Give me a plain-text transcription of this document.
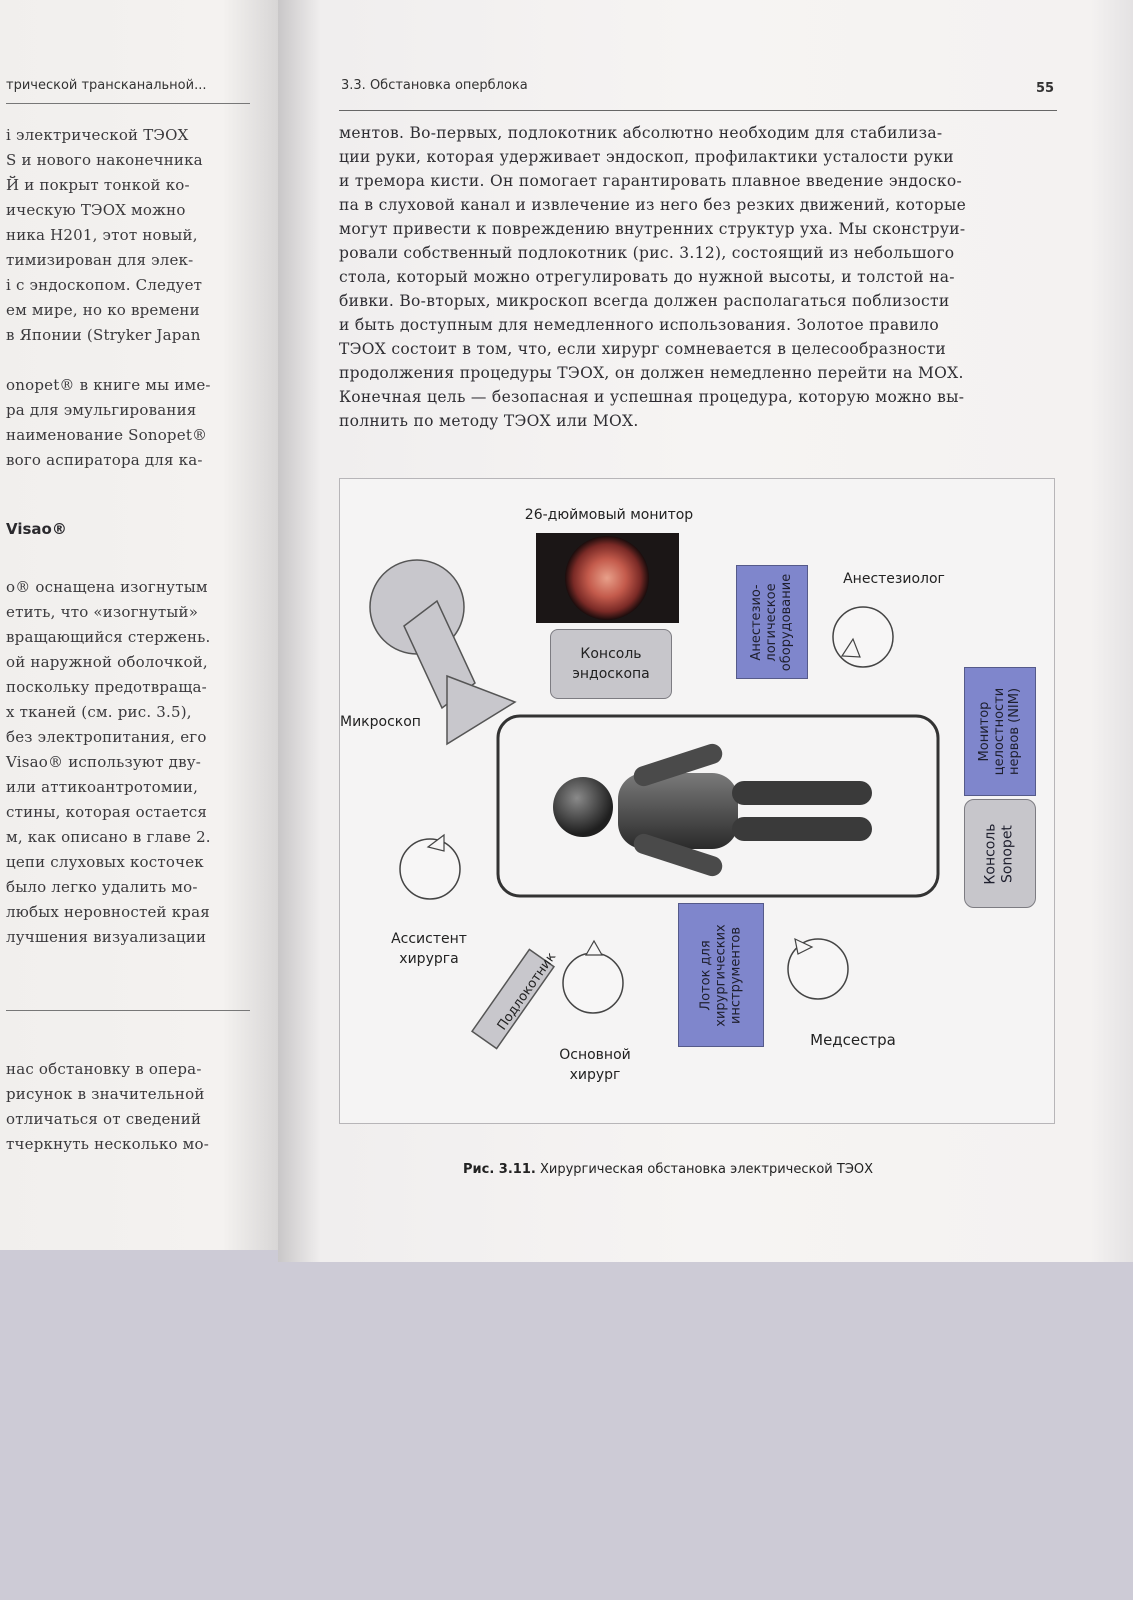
трической трансканальной...
і электрической ТЭОХ
S и нового наконечника
Й и покрыт тонкой ко-
ическую ТЭОХ можно
ника Н201, этот новый,
тимизирован для элек-
і с эндоскопом. Следует
ем мире, но ко времени
в Японии (Stryker Japan
onopet® в книге мы име-
ра для эмульгирования
наименование Sonopet®
вого аспиратора для ка-
Visao®
o® оснащена изогнутым
етить, что «изогнутый»
вращающийся стержень.
ой наружной оболочкой,
поскольку предотвраща-
х тканей (см. рис. 3.5),
без электропитания, его
Visao® используют дву-
или аттикоантротомии,
стины, которая остается
м, как описано в главе 2.
цепи слуховых косточек
было легко удалить мо-
любых неровностей края
лучшения визуализации
нас обстановку в опера-
рисунок в значительной
отличаться от сведений
тчеркнуть несколько мо-
3.3. Обстановка оперблока	55
ментов. Во-первых, подлокотник абсолютно необходим для стабилиза-
ции руки, которая удерживает эндоскоп, профилактики усталости руки
и тремора кисти. Он помогает гарантировать плавное введение эндоско-
па в слуховой канал и извлечение из него без резких движений, которые
могут привести к повреждению внутренних структур уха. Мы сконструи-
ровали собственный подлокотник (рис. 3.12), состоящий из небольшого
стола, который можно отрегулировать до нужной высоты, и толстой на-
бивки. Во-вторых, микроскоп всегда должен располагаться поблизости
и быть доступным для немедленного использования. Золотое правило
ТЭОХ состоит в том, что, если хирург сомневается в целесообразности
продолжения процедуры ТЭОХ, он должен немедленно перейти на МОХ.
Конечная цель — безопасная и успешная процедура, которую можно вы-
полнить по методу ТЭОХ или МОХ.
26-дюймовый монитор
Анестезиолог
Анестезио-
логическое
оборудование
Консоль
эндоскопа
Микроскоп	Монитор
целостности
нервов (NIM)
Консоль
Sonopet
Ассистент
хирурга	Подлокотник	Лоток для
хирургических
инструментов
Основной
хирург
Медсестра
Рис. 3.11. Хирургическая обстановка электрической ТЭОХ
